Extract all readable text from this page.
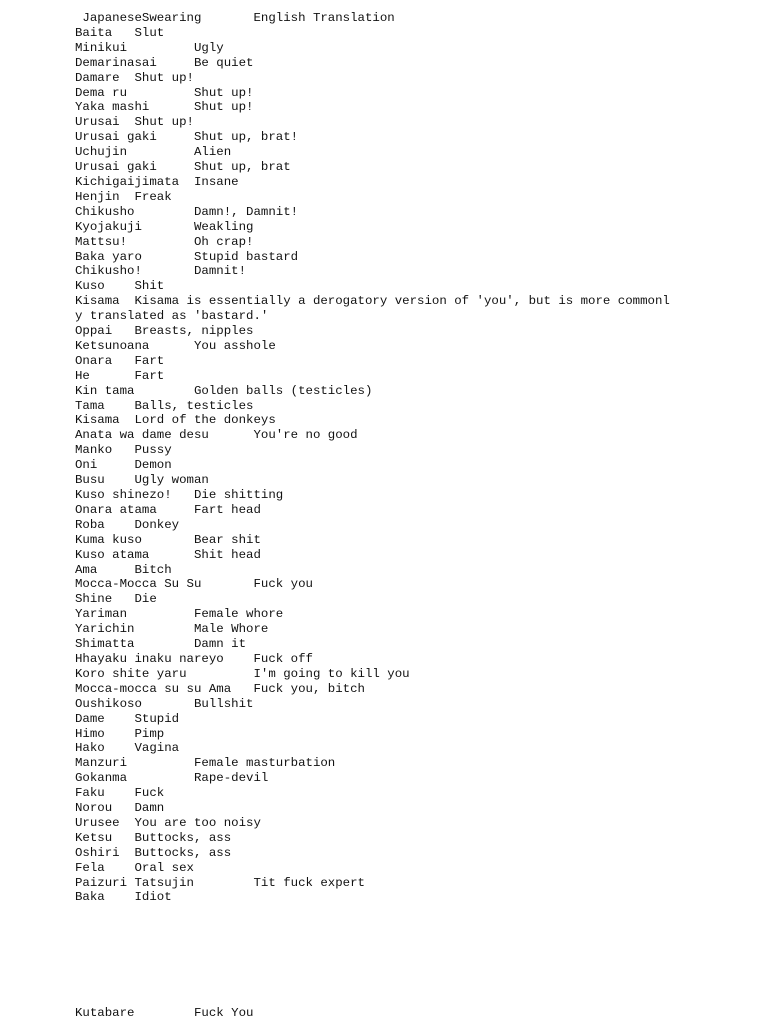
JapaneseSwearing       English Translation
Baita   Slut
Minikui         Ugly
Demarinasai     Be quiet
Damare  Shut up!
Dema ru         Shut up!
Yaka mashi      Shut up!
Urusai  Shut up!
Urusai gaki     Shut up, brat!
Uchujin         Alien
Urusai gaki     Shut up, brat
Kichigaijimata  Insane
Henjin  Freak
Chikusho        Damn!, Damnit!
Kyojakuji       Weakling
Mattsu!         Oh crap!
Baka yaro       Stupid bastard
Chikusho!       Damnit!
Kuso    Shit
Kisama  Kisama is essentially a derogatory version of 'you', but is more commonl
y translated as 'bastard.'
Oppai   Breasts, nipples
Ketsunoana      You asshole
Onara   Fart
He      Fart
Kin tama        Golden balls (testicles)
Tama    Balls, testicles
Kisama  Lord of the donkeys
Anata wa dame desu      You're no good
Manko   Pussy
Oni     Demon
Busu    Ugly woman
Kuso shinezo!   Die shitting
Onara atama     Fart head
Roba    Donkey
Kuma kuso       Bear shit
Kuso atama      Shit head
Ama     Bitch
Mocca-Mocca Su Su       Fuck you
Shine   Die
Yariman         Female whore
Yarichin        Male Whore
Shimatta        Damn it
Hhayaku inaku nareyo    Fuck off
Koro shite yaru         I'm going to kill you
Mocca-mocca su su Ama   Fuck you, bitch
Oushikoso       Bullshit
Dame    Stupid
Himo    Pimp
Hako    Vagina
Manzuri         Female masturbation
Gokanma         Rape-devil
Faku    Fuck
Norou   Damn
Urusee  You are too noisy
Ketsu   Buttocks, ass
Oshiri  Buttocks, ass
Fela    Oral sex
Paizuri Tatsujin        Tit fuck expert
Baka    Idiot
Kutabare        Fuck You
